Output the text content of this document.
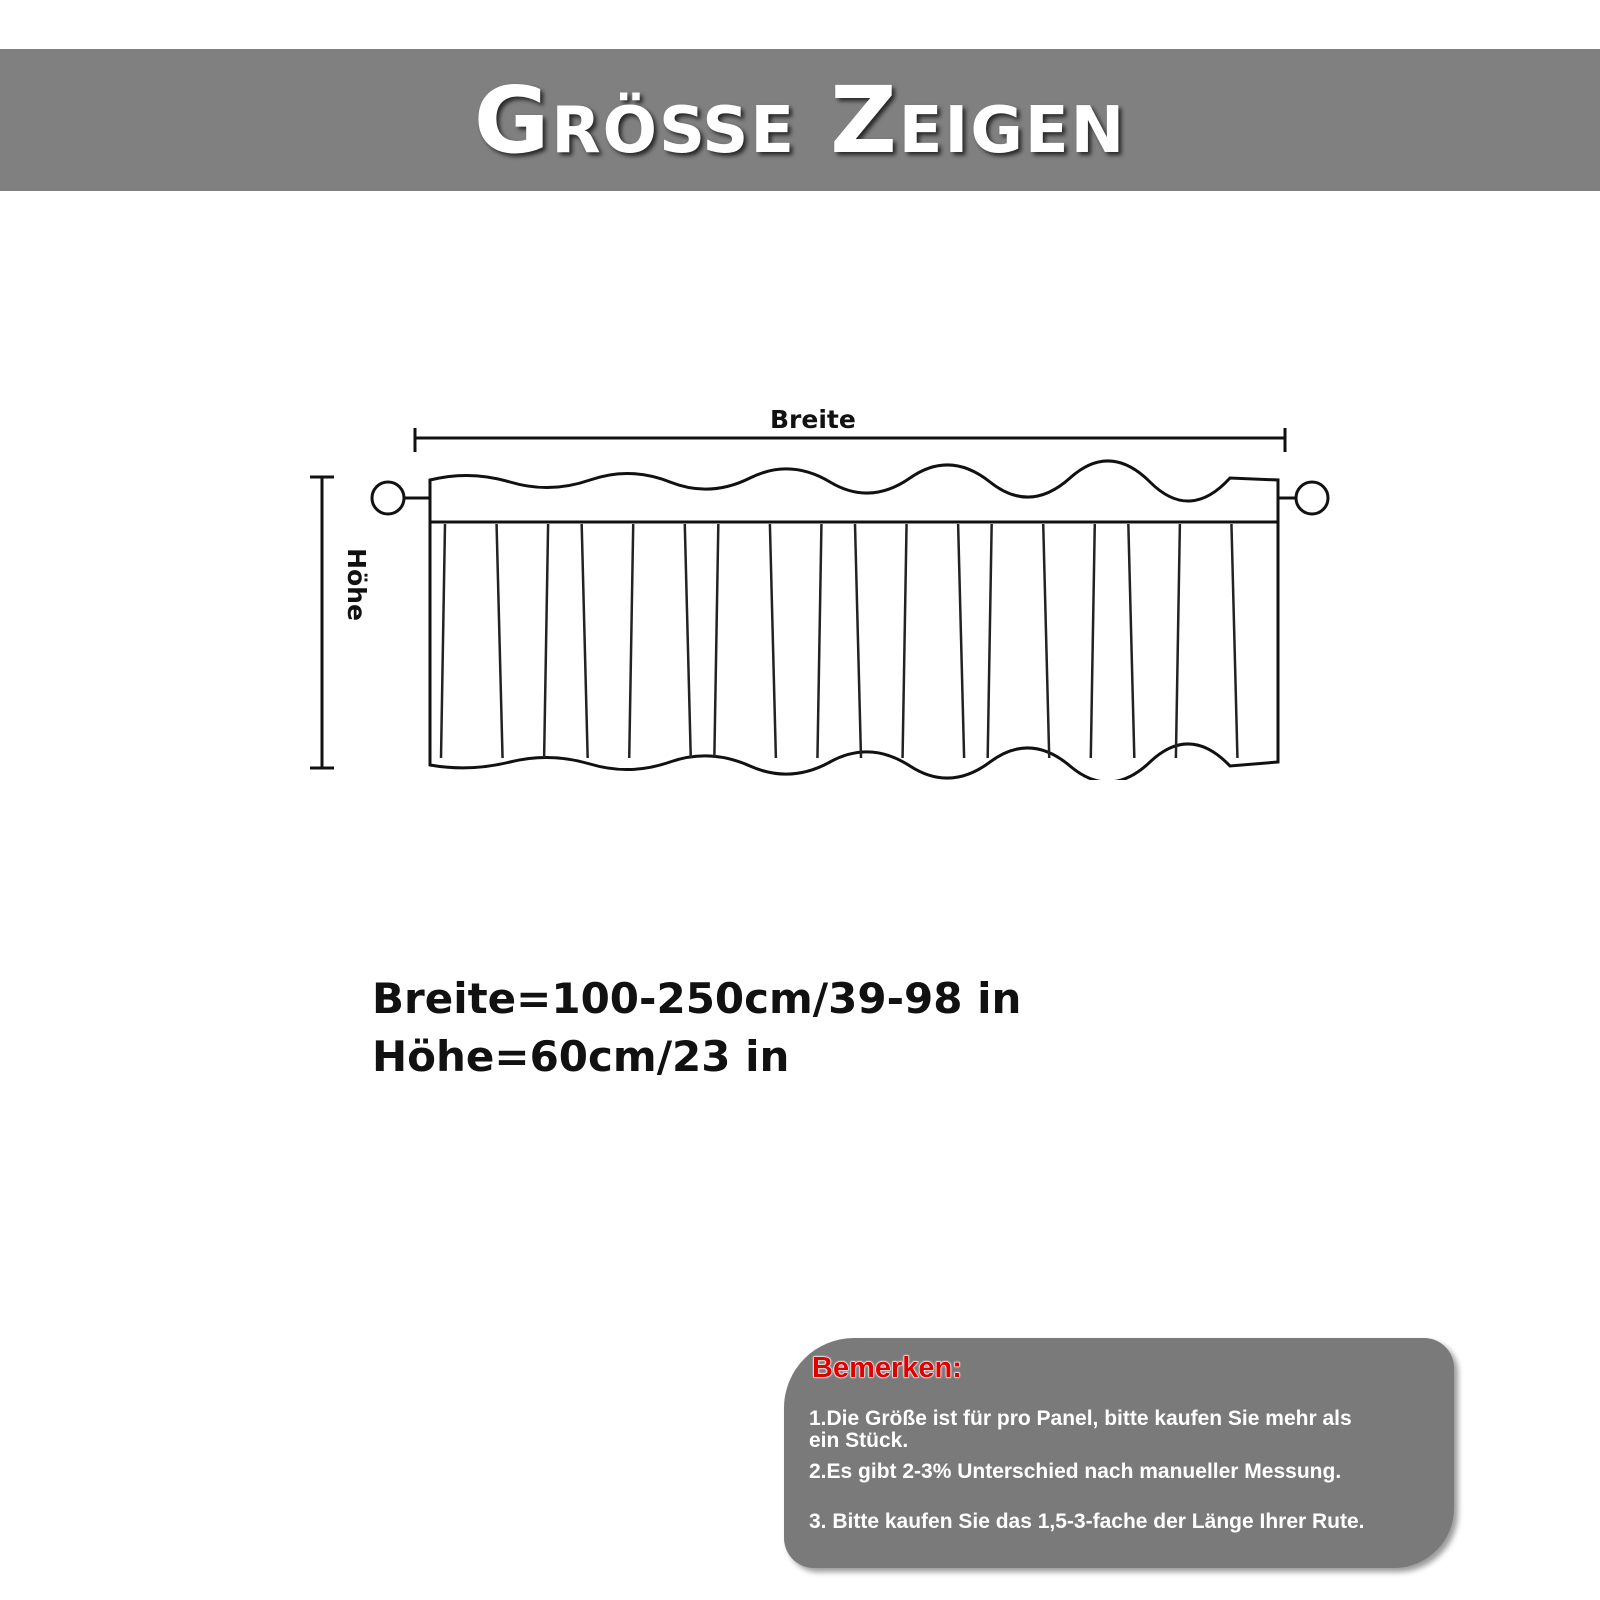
Größe Zeigen
Breite
Höhe
Breite=100-250cm/39-98 in
Höhe=60cm/23 in
Bemerken:
1.Die Größe ist für pro Panel, bitte kaufen Sie mehr als ein Stück.
2.Es gibt 2-3% Unterschied nach manueller Messung.
3. Bitte kaufen Sie das 1,5-3-fache der Länge Ihrer Rute.
